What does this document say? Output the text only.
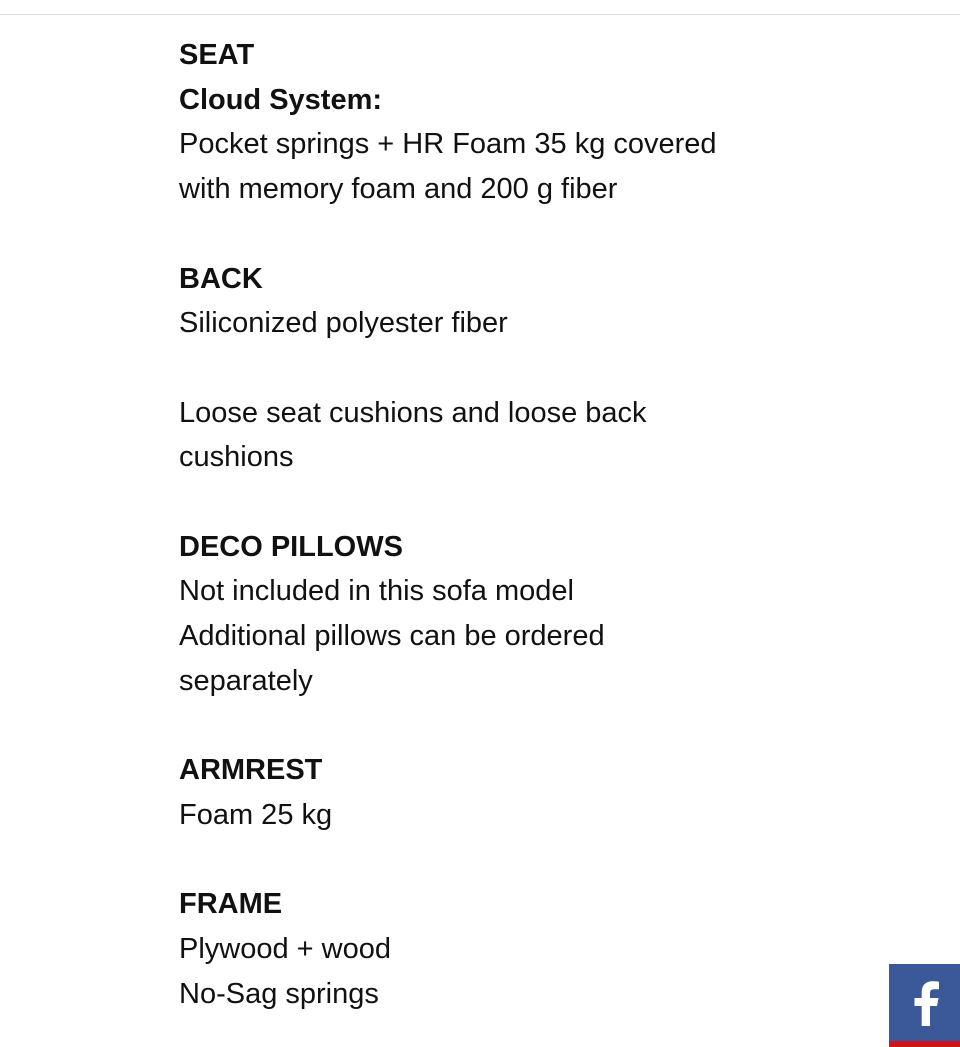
SEAT
Cloud System:
Pocket springs + HR Foam 35 kg covered
with memory foam and 200 g fiber
BACK
Siliconized polyester fiber
Loose seat cushions and loose back
cushions
DECO PILLOWS
Not included in this sofa model
Additional pillows can be ordered
separately
ARMREST
Foam 25 kg
FRAME
Plywood + wood
No-Sag springs
